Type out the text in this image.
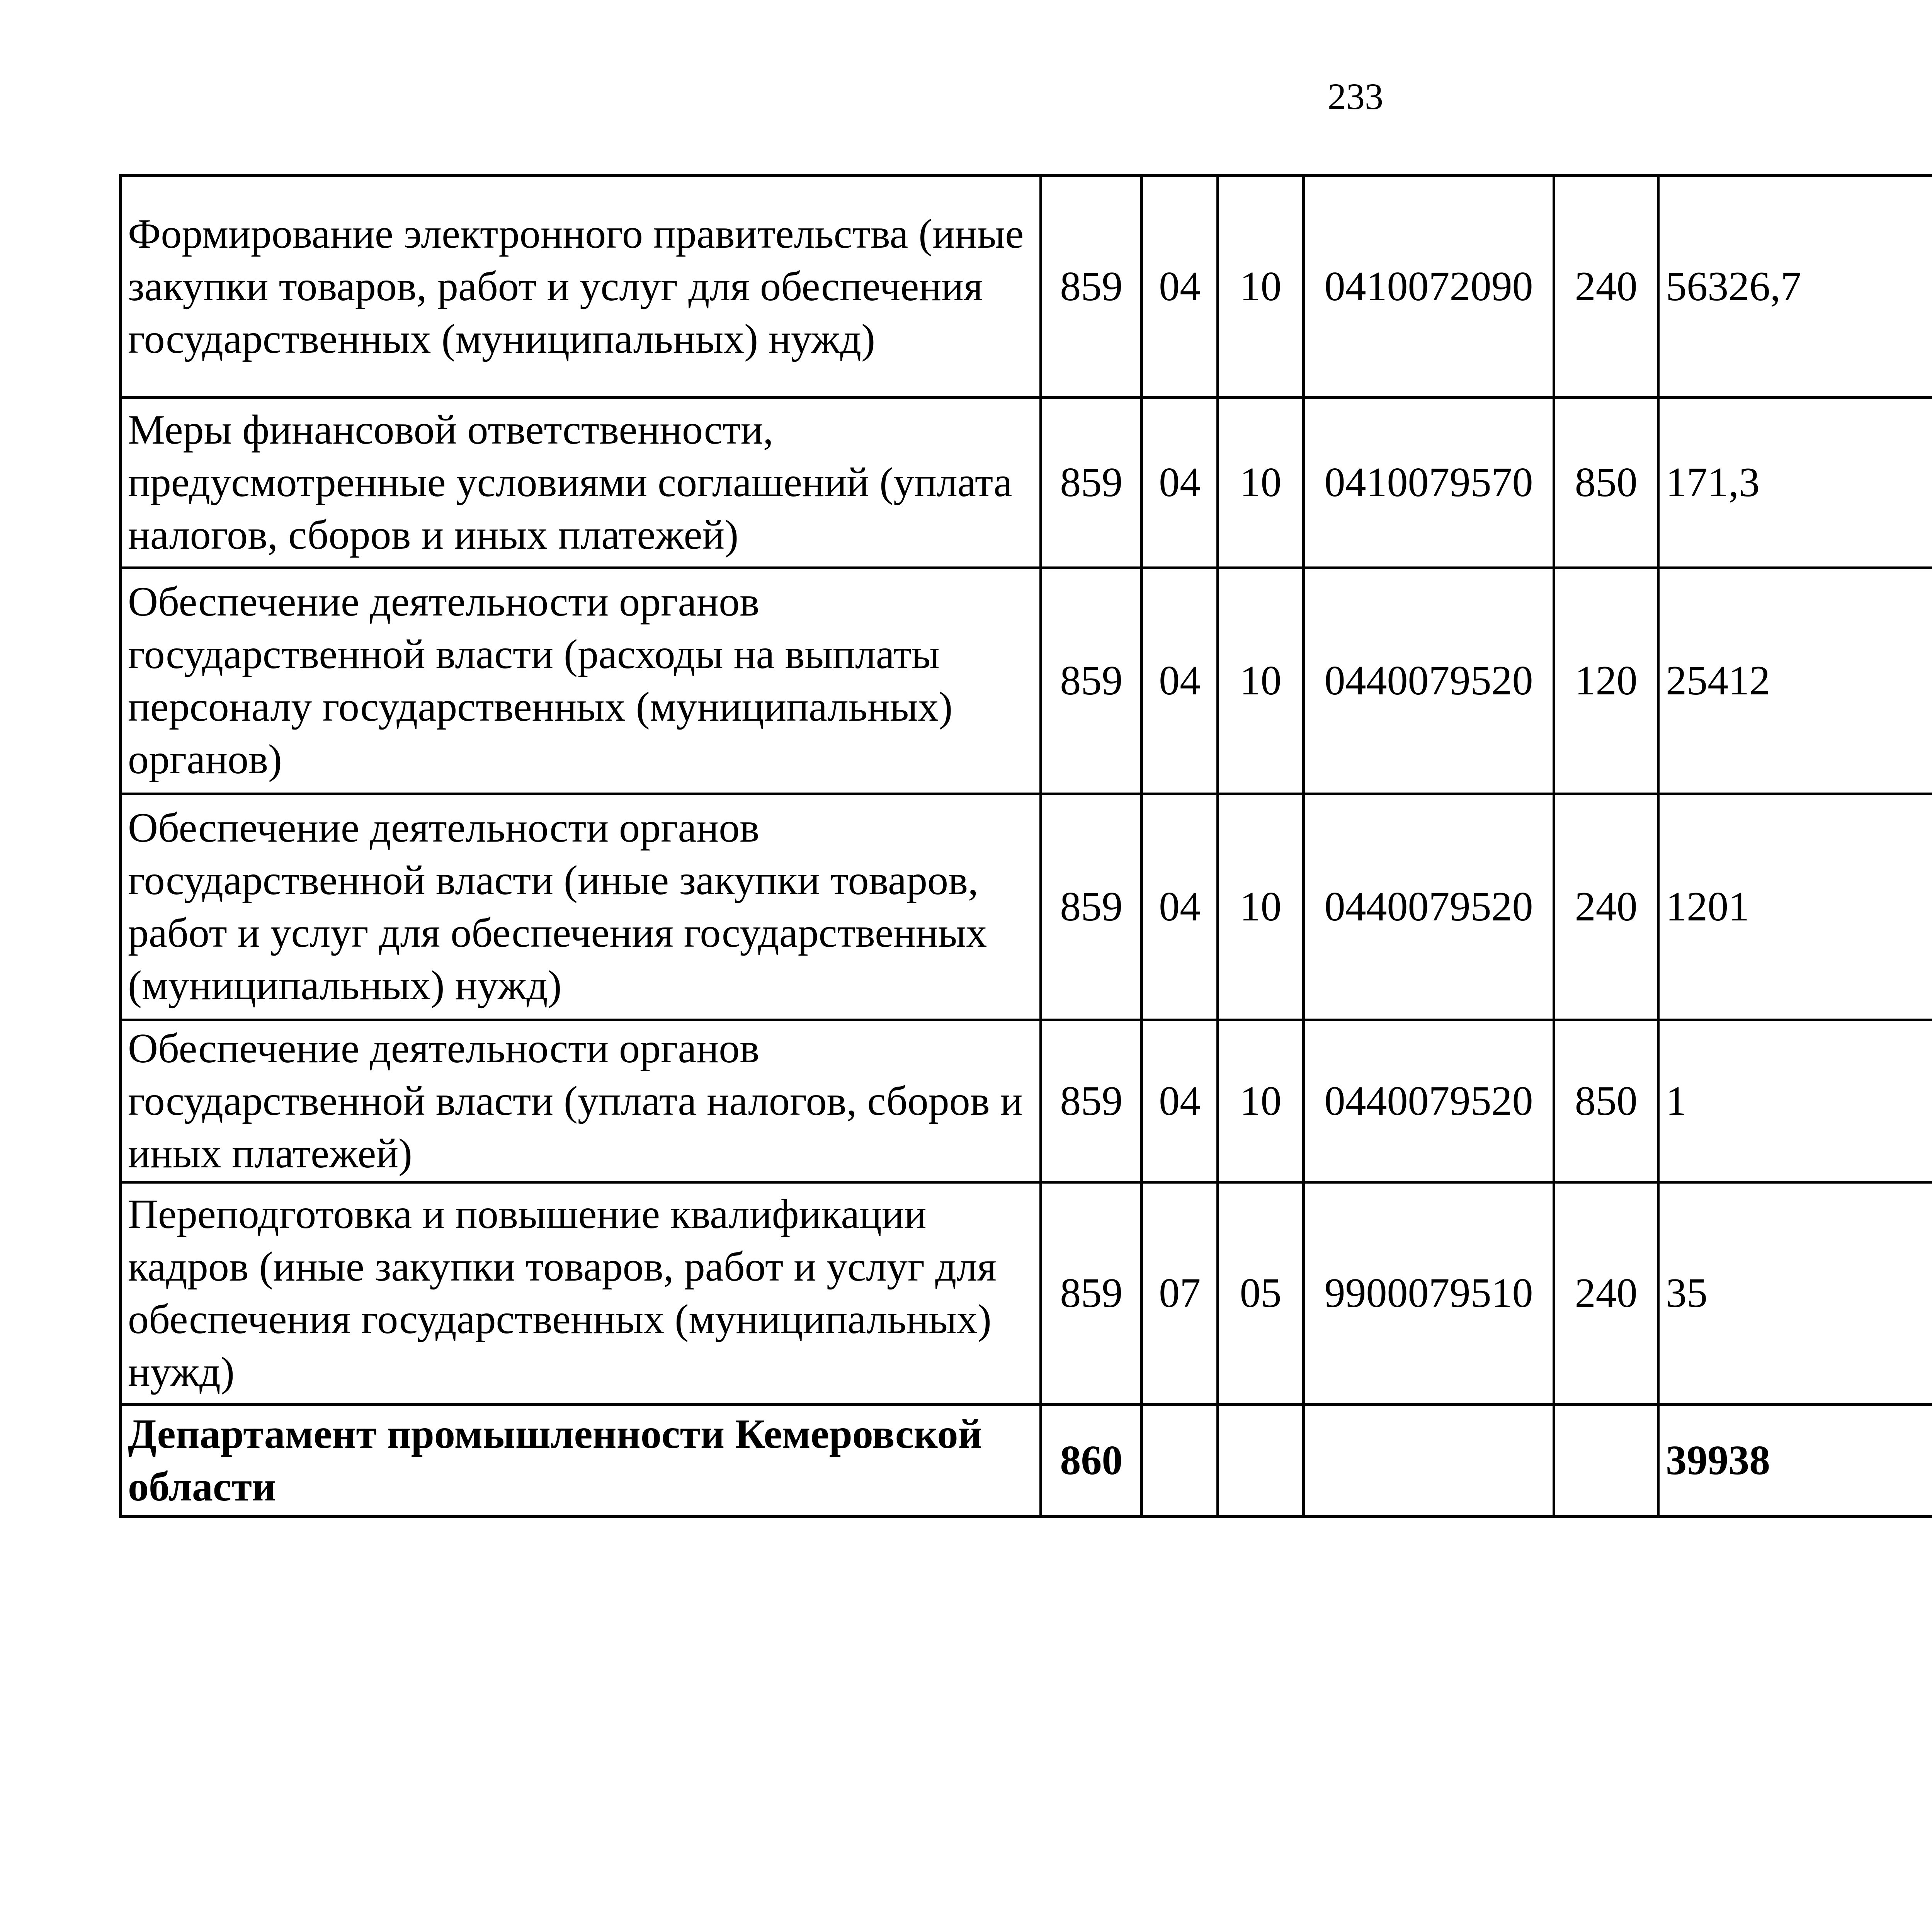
233
Формирование электронного правительства (иные закупки товаров, работ и услуг для обеспечения государственных (муниципальных) нужд)	859	04	10	0410072090	240	56326,7		
Меры финансовой ответственности, предусмотренные условиями соглашений (уплата налогов, сборов и иных платежей)	859	04	10	0410079570	850	171,3		
Обеспечение деятельности органов государственной власти (расходы на выплаты персоналу государственных (муниципальных) органов)	859	04	10	0440079520	120	25412		
Обеспечение деятельности органов государственной власти (иные закупки товаров, работ и услуг для обеспечения государственных (муниципальных) нужд)	859	04	10	0440079520	240	1201		
Обеспечение деятельности органов государственной власти (уплата налогов, сборов и иных платежей)	859	04	10	0440079520	850	1		
Переподготовка и повышение квалификации кадров (иные закупки товаров, работ и услуг для обеспечения государственных (муниципальных) нужд)	859	07	05	9900079510	240	35		
Департамент промышленности Кемеровской области	860					39938		
